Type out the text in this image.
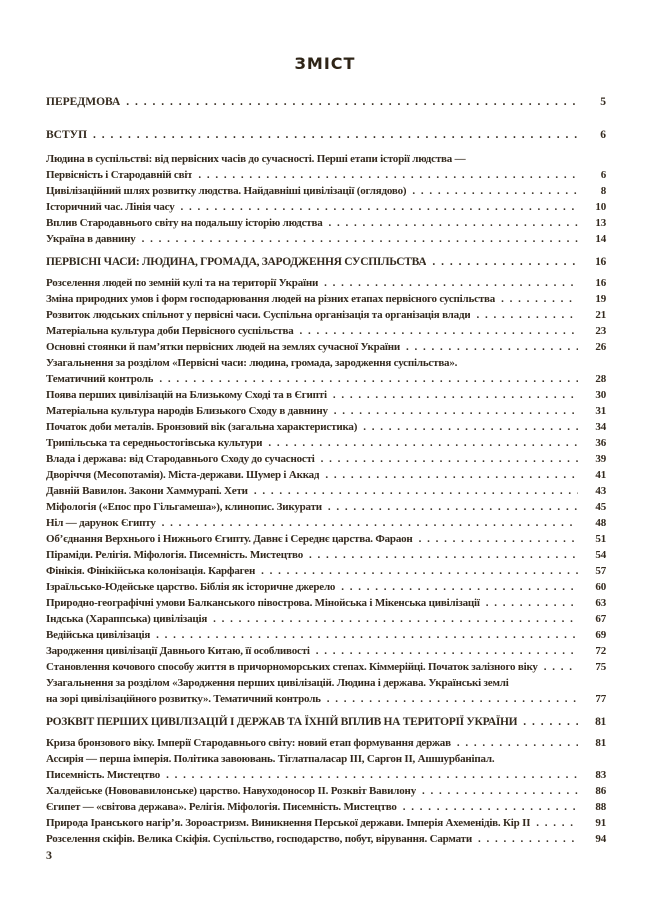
ЗМІСТ
ПЕРЕДМОВА . . .	5
ВСТУП . . .	6
Людина в суспільстві: від первісних часів до сучасності. Перші етапи історії людства —
Первісність і Стародавній світ . . .	6
Цивілізаційний шлях розвитку людства. Найдавніші цивілізації (оглядово) . . .	8
Історичний час. Лінія часу . . .	10
Вплив Стародавнього світу на подальшу історію людства . . .	13
Україна в давнину . . .	14
ПЕРВІСНІ ЧАСИ: ЛЮДИНА, ГРОМАДА, ЗАРОДЖЕННЯ СУСПІЛЬСТВА . . .	16
Розселення людей по земній кулі та на території України . . .	16
Зміна природних умов і форм господарювання людей на різних етапах первісного суспільства . . .	19
Розвиток людських спільнот у первісні часи. Суспільна організація та організація влади . . .	21
Матеріальна культура доби Первісного суспільства . . .	23
Основні стоянки й пам’ятки первісних людей на землях сучасної України . . .	26
Узагальнення за розділом «Первісні часи: людина, громада, зародження суспільства».
Тематичний контроль . . .	28
Поява перших цивілізацій на Близькому Сході та в Єгипті . . .	30
Матеріальна культура народів Близького Сходу в давнину . . .	31
Початок доби металів. Бронзовий вік (загальна характеристика) . . .	34
Трипільська та середньостогівська культури . . .	36
Влада і держава: від Стародавнього Сходу до сучасності . . .	39
Дворіччя (Месопотамія). Міста-держави. Шумер і Аккад . . .	41
Давній Вавилон. Закони Хаммурапі. Хети . . .	43
Міфологія («Епос про Гільгамеша»), клинопис. Зикурати . . .	45
Ніл — дарунок Єгипту . . .	48
Об’єднання Верхнього і Нижнього Єгипту. Давнє і Середнє царства. Фараон . . .	51
Піраміди. Релігія. Міфологія. Писемність. Мистецтво . . .	54
Фінікія. Фінікійська колонізація. Карфаген . . .	57
Ізраїльсько-Юдейське царство. Біблія як історичне джерело . . .	60
Природно-географічні умови Балканського півострова. Мінойська і Мікенська цивілізації . . .	63
Індська (Хараппська) цивілізація . . .	67
Ведійська цивілізація . . .	69
Зародження цивілізації Давнього Китаю, її особливості . . .	72
Становлення кочового способу життя в причорноморських степах. Кіммерійці. Початок залізного віку . . .	75
Узагальнення за розділом «Зародження перших цивілізацій. Людина і держава. Українські землі
на зорі цивілізаційного розвитку». Тематичний контроль . . .	77
РОЗКВІТ ПЕРШИХ ЦИВІЛІЗАЦІЙ І ДЕРЖАВ ТА ЇХНІЙ ВПЛИВ НА ТЕРИТОРІЇ УКРАЇНИ . . .	81
Криза бронзового віку. Імперії Стародавнього світу: новий етап формування держав . . .	81
Ассирія — перша імперія. Політика завоювань. Тіглатпаласар III, Саргон II, Ашшурбаніпал.
Писемність. Мистецтво . . .	83
Халдейське (Нововавилонське) царство. Навуходоносор II. Розквіт Вавилону . . .	86
Єгипет — «світова держава». Релігія. Міфологія. Писемність. Мистецтво . . .	88
Природа Іранського нагір’я. Зороастризм. Виникнення Перської держави. Імперія Ахеменідів. Кір II . . .	91
Розселення скіфів. Велика Скіфія. Суспільство, господарство, побут, вірування. Сармати . . .	94
3
